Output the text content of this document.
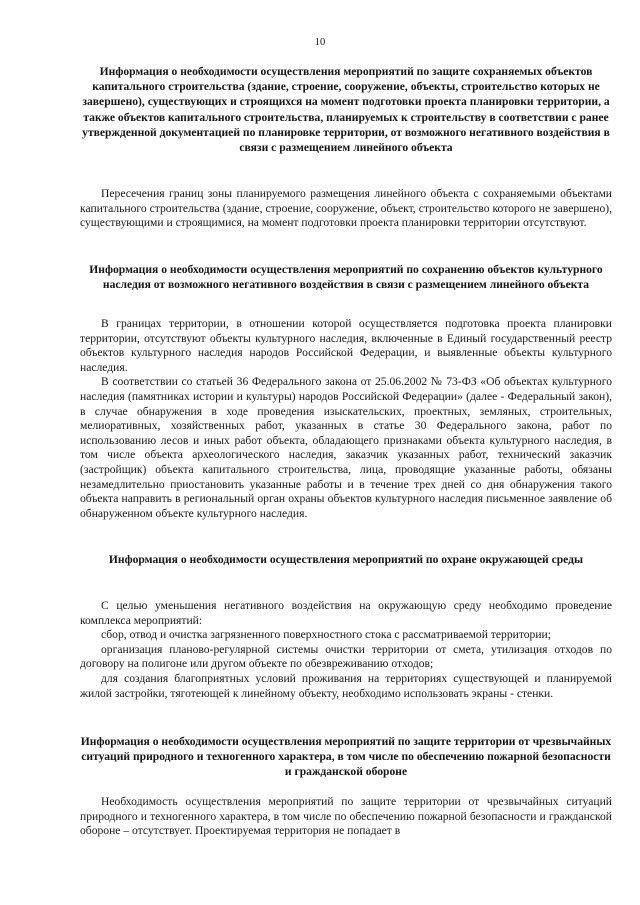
10
Информация о необходимости осуществления мероприятий по защите сохраняемых объектов капитального строительства (здание, строение, сооружение, объекты, строительство которых не завершено), существующих и строящихся на момент подготовки проекта планировки территории, а также объектов капитального строительства, планируемых к строительству в соответствии с ранее утвержденной документацией по планировке территории, от возможного негативного воздействия в связи с размещением линейного объекта

Пересечения границ зоны планируемого размещения линейного объекта с сохраняемыми объектами капитального строительства (здание, строение, сооружение, объект, строительство которого не завершено), существующими и строящимися, на момент подготовки проекта планировки территории отсутствуют.

Информация о необходимости осуществления мероприятий по сохранению объектов культурного наследия от возможного негативного воздействия в связи с размещением линейного объекта

В границах территории, в отношении которой осуществляется подготовка проекта планировки территории, отсутствуют объекты культурного наследия, включенные в Единый государственный реестр объектов культурного наследия народов Российской Федерации, и выявленные объекты культурного наследия.

В соответствии со статьей 36 Федерального закона от 25.06.2002 № 73-ФЗ «Об объектах культурного наследия (памятниках истории и культуры) народов Российской Федерации» (далее - Федеральный закон), в случае обнаружения в ходе проведения изыскательских, проектных, земляных, строительных, мелиоративных, хозяйственных работ, указанных в статье 30 Федерального закона, работ по использованию лесов и иных работ объекта, обладающего признаками объекта культурного наследия, в том числе объекта археологического наследия, заказчик указанных работ, технический заказчик (застройщик) объекта капитального строительства, лица, проводящие указанные работы, обязаны незамедлительно приостановить указанные работы и в течение трех дней со дня обнаружения такого объекта направить в региональный орган охраны объектов культурного наследия письменное заявление об обнаруженном объекте культурного наследия.

Информация о необходимости осуществления мероприятий по охране окружающей среды

С целью уменьшения негативного воздействия на окружающую среду необходимо проведение комплекса мероприятий:

сбор, отвод и очистка загрязненного поверхностного стока с рассматриваемой территории;

организация планово-регулярной системы очистки территории от смета, утилизация отходов по договору на полигоне или другом объекте по обезвреживанию отходов;

для создания благоприятных условий проживания на территориях существующей и планируемой жилой застройки, тяготеющей к линейному объекту, необходимо использовать экраны - стенки.

Информация о необходимости осуществления мероприятий по защите территории от чрезвычайных ситуаций природного и техногенного характера, в том числе по обеспечению пожарной безопасности и гражданской обороне

Необходимость осуществления мероприятий по защите территории от чрезвычайных ситуаций природного и техногенного характера, в том числе по обеспечению пожарной безопасности и гражданской обороне – отсутствует. Проектируемая территория не попадает в
